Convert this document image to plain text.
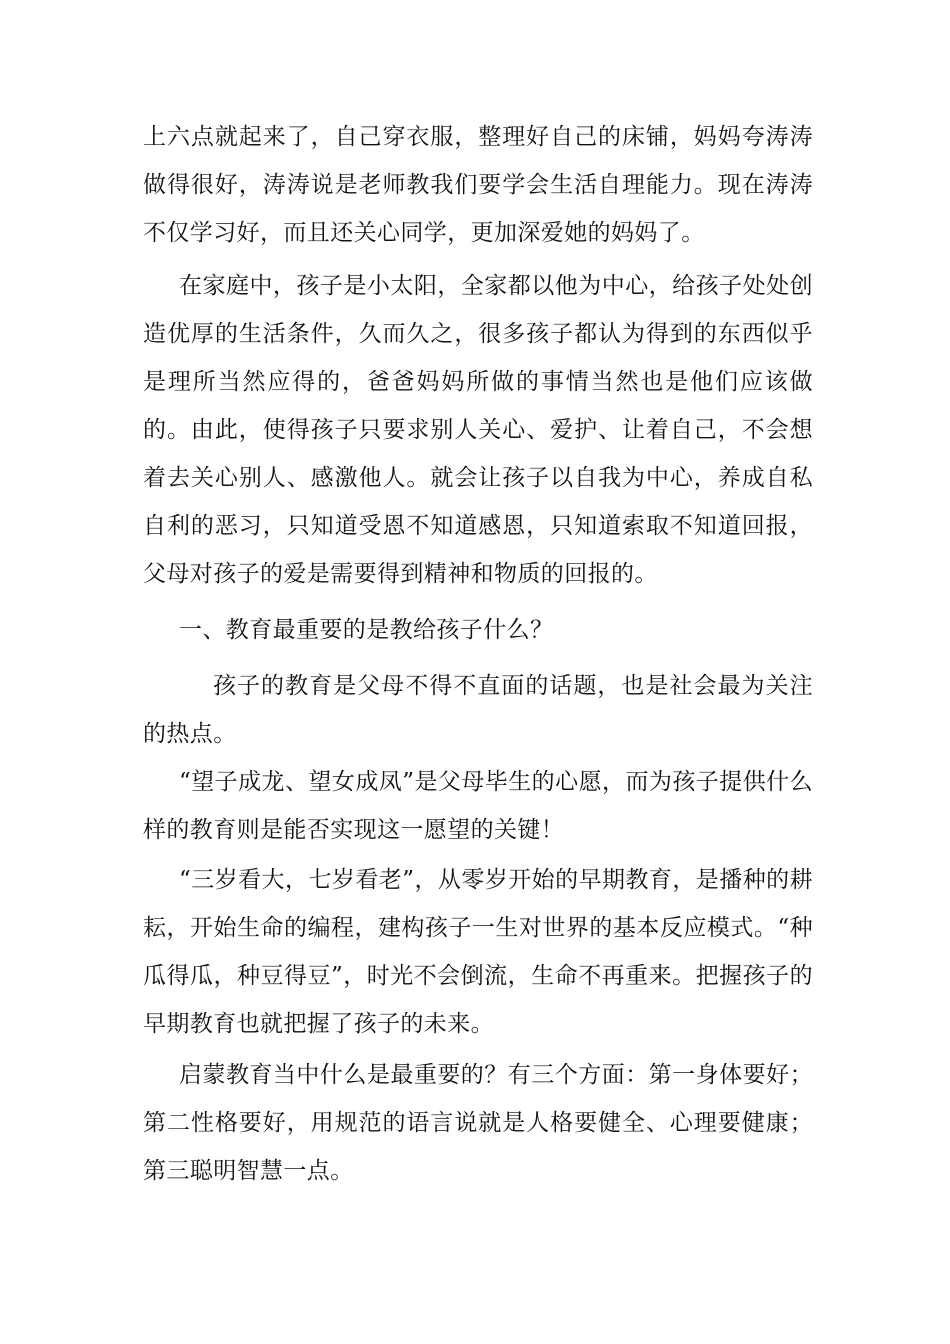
上六点就起来了，自己穿衣服，整理好自己的床铺，妈妈夸涛涛做得很好，涛涛说是老师教我们要学会生活自理能力。现在涛涛不仅学习好，而且还关心同学，更加深爱她的妈妈了。

在家庭中，孩子是小太阳，全家都以他为中心，给孩子处处创造优厚的生活条件，久而久之，很多孩子都认为得到的东西似乎是理所当然应得的，爸爸妈妈所做的事情当然也是他们应该做的。由此，使得孩子只要求别人关心、爱护、让着自己，不会想着去关心别人、感激他人。就会让孩子以自我为中心，养成自私自利的恶习，只知道受恩不知道感恩，只知道索取不知道回报，父母对孩子的爱是需要得到精神和物质的回报的。

一、教育最重要的是教给孩子什么？

孩子的教育是父母不得不直面的话题，也是社会最为关注的热点。

“望子成龙、望女成凤”是父母毕生的心愿，而为孩子提供什么样的教育则是能否实现这一愿望的关键！

“三岁看大，七岁看老”，从零岁开始的早期教育，是播种的耕耘，开始生命的编程，建构孩子一生对世界的基本反应模式。“种瓜得瓜，种豆得豆”，时光不会倒流，生命不再重来。把握孩子的早期教育也就把握了孩子的未来。

启蒙教育当中什么是最重要的？有三个方面：第一身体要好；第二性格要好，用规范的语言说就是人格要健全、心理要健康；第三聪明智慧一点。
